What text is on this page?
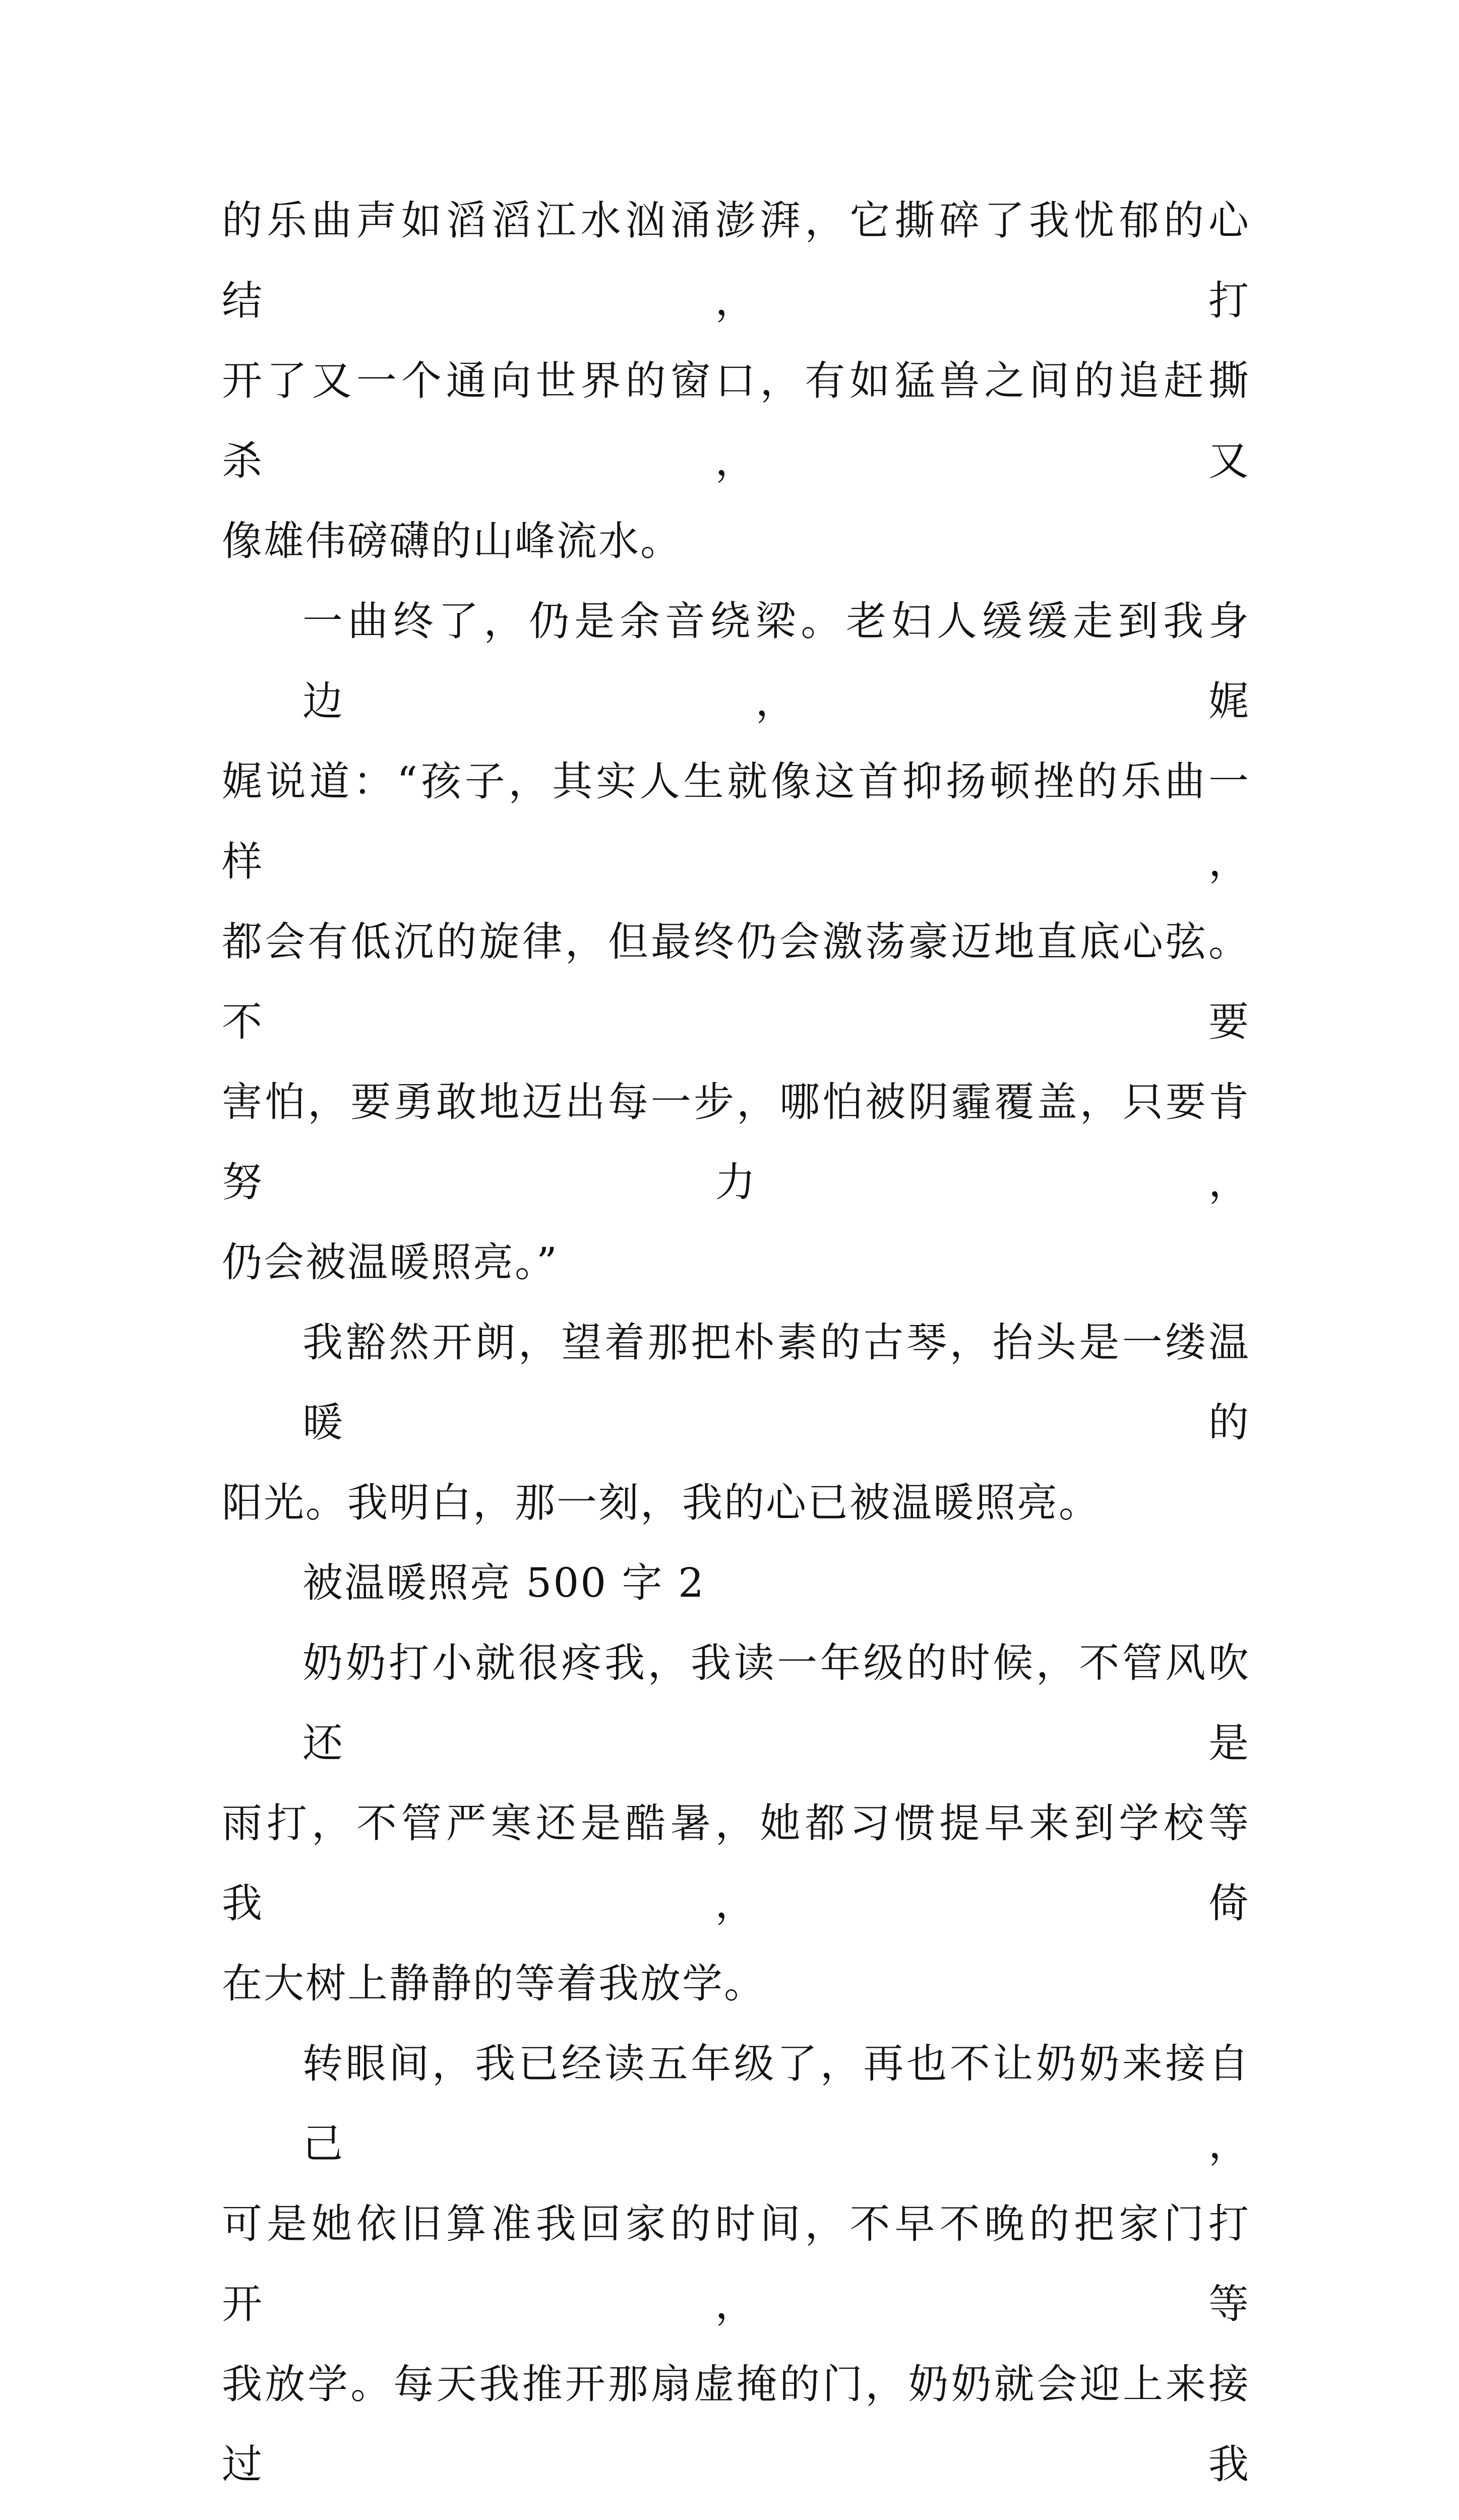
的乐曲声如滔滔江水汹涌澎湃，它撕碎了我忧郁的心结，打
开了又一个通向世界的窗口，有如猛兽之间的追赶撕杀，又
像雄伟磅礴的山峰流水。
一曲终了，仍是余音绕梁。老妇人缓缓走到我身边，娓
娓说道：“孩子，其实人生就像这首抑扬顿挫的乐曲一样，
都会有低沉的旋律，但最终仍会激荡豪迈地直底心弦。不要
害怕，要勇敢地迈出每一步，哪怕被阴霾覆盖，只要肯努力，
仍会被温暖照亮。”
我豁然开朗，望着那把朴素的古琴，抬头是一缕温暖的
阳光。我明白，那一刻，我的心已被温暖照亮。
被温暖照亮 500 字 2
奶奶打小就很疼我，我读一年级的时候，不管风吹还是
雨打，不管严寒还是酷暑，她都习惯提早来到学校等我，倚
在大树上静静的等着我放学。
转眼间，我已经读五年级了，再也不让奶奶来接自己，
可是她依旧算准我回家的时间，不早不晚的把家门打开，等
我放学。每天我推开那扇虚掩的门，奶奶就会迎上来接过我
